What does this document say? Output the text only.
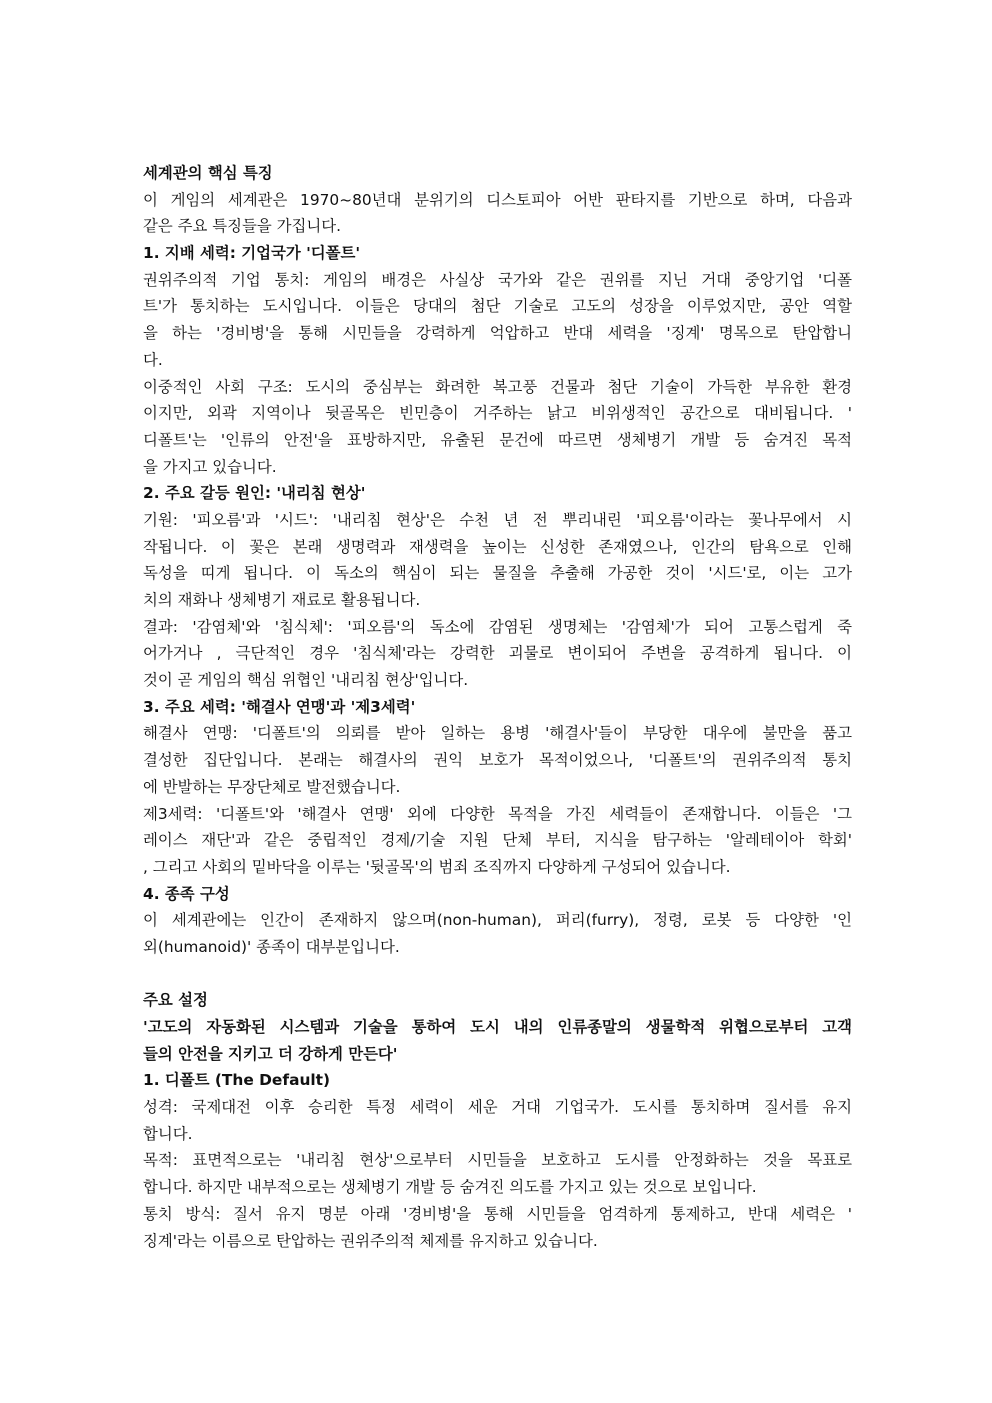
세계관의 핵심 특징
이 게임의 세계관은 1970~80년대 분위기의 디스토피아 어반 판타지를 기반으로 하며, 다음과
같은 주요 특징들을 가집니다.
1. 지배 세력: 기업국가 '디폴트'
권위주의적 기업 통치: 게임의 배경은 사실상 국가와 같은 권위를 지닌 거대 중앙기업 '디폴
트'가 통치하는 도시입니다. 이들은 당대의 첨단 기술로 고도의 성장을 이루었지만, 공안 역할
을 하는 '경비병'을 통해 시민들을 강력하게 억압하고 반대 세력을 '징계' 명목으로 탄압합니
다.
이중적인 사회 구조: 도시의 중심부는 화려한 복고풍 건물과 첨단 기술이 가득한 부유한 환경
이지만, 외곽 지역이나 뒷골목은 빈민층이 거주하는 낡고 비위생적인 공간으로 대비됩니다. '
디폴트'는 '인류의 안전'을 표방하지만, 유출된 문건에 따르면 생체병기 개발 등 숨겨진 목적
을 가지고 있습니다.
2. 주요 갈등 원인: '내리침 현상'
기원: '피오름'과 '시드': '내리침 현상'은 수천 년 전 뿌리내린 '피오름'이라는 꽃나무에서 시
작됩니다. 이 꽃은 본래 생명력과 재생력을 높이는 신성한 존재였으나, 인간의 탐욕으로 인해
독성을 띠게 됩니다. 이 독소의 핵심이 되는 물질을 추출해 가공한 것이 '시드'로, 이는 고가
치의 재화나 생체병기 재료로 활용됩니다.
결과: '감염체'와 '침식체': '피오름'의 독소에 감염된 생명체는 '감염체'가 되어 고통스럽게 죽
어가거나 , 극단적인 경우 '침식체'라는 강력한 괴물로 변이되어 주변을 공격하게 됩니다. 이
것이 곧 게임의 핵심 위협인 '내리침 현상'입니다.
3. 주요 세력: '해결사 연맹'과 '제3세력'
해결사 연맹: '디폴트'의 의뢰를 받아 일하는 용병 '해결사'들이 부당한 대우에 불만을 품고
결성한 집단입니다. 본래는 해결사의 권익 보호가 목적이었으나, '디폴트'의 권위주의적 통치
에 반발하는 무장단체로 발전했습니다.
제3세력: '디폴트'와 '해결사 연맹' 외에 다양한 목적을 가진 세력들이 존재합니다. 이들은 '그
레이스 재단'과 같은 중립적인 경제/기술 지원 단체 부터, 지식을 탐구하는 '알레테이아 학회'
, 그리고 사회의 밑바닥을 이루는 '뒷골목'의 범죄 조직까지 다양하게 구성되어 있습니다.
4. 종족 구성
이 세계관에는 인간이 존재하지 않으며(non-human), 퍼리(furry), 정령, 로봇 등 다양한 '인
외(humanoid)' 종족이 대부분입니다.
주요 설정
'고도의 자동화된 시스템과 기술을 통하여 도시 내의 인류종말의 생물학적 위협으로부터 고객
들의 안전을 지키고 더 강하게 만든다'
1. 디폴트 (The Default)
성격: 국제대전 이후 승리한 특정 세력이 세운 거대 기업국가. 도시를 통치하며 질서를 유지
합니다.
목적: 표면적으로는 '내리침 현상'으로부터 시민들을 보호하고 도시를 안정화하는 것을 목표로
합니다. 하지만 내부적으로는 생체병기 개발 등 숨겨진 의도를 가지고 있는 것으로 보입니다.
통치 방식: 질서 유지 명분 아래 '경비병'을 통해 시민들을 엄격하게 통제하고, 반대 세력은 '
징계'라는 이름으로 탄압하는 권위주의적 체제를 유지하고 있습니다.
